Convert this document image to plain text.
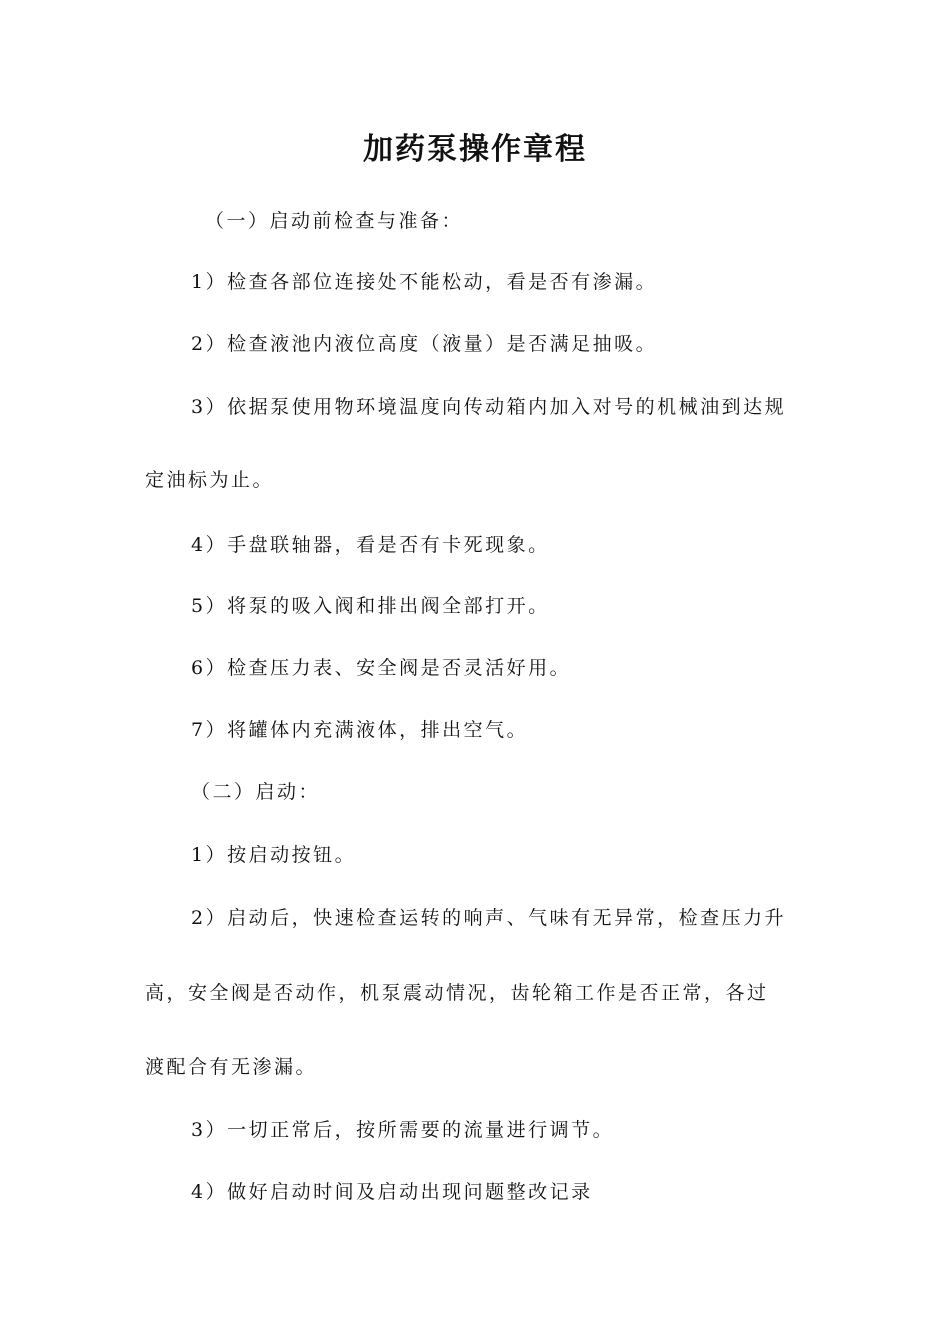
加药泵操作章程

（一）启动前检查与准备：

1）检查各部位连接处不能松动，看是否有渗漏。

2）检查液池内液位高度（液量）是否满足抽吸。

3）依据泵使用物环境温度向传动箱内加入对号的机械油到达规

定油标为止。

4）手盘联轴器，看是否有卡死现象。

5）将泵的吸入阀和排出阀全部打开。

6）检查压力表、安全阀是否灵活好用。

7）将罐体内充满液体，排出空气。

（二）启动：

1）按启动按钮。

2）启动后，快速检查运转的响声、气味有无异常，检查压力升

高，安全阀是否动作，机泵震动情况，齿轮箱工作是否正常，各过

渡配合有无渗漏。

3）一切正常后，按所需要的流量进行调节。

4）做好启动时间及启动出现问题整改记录
